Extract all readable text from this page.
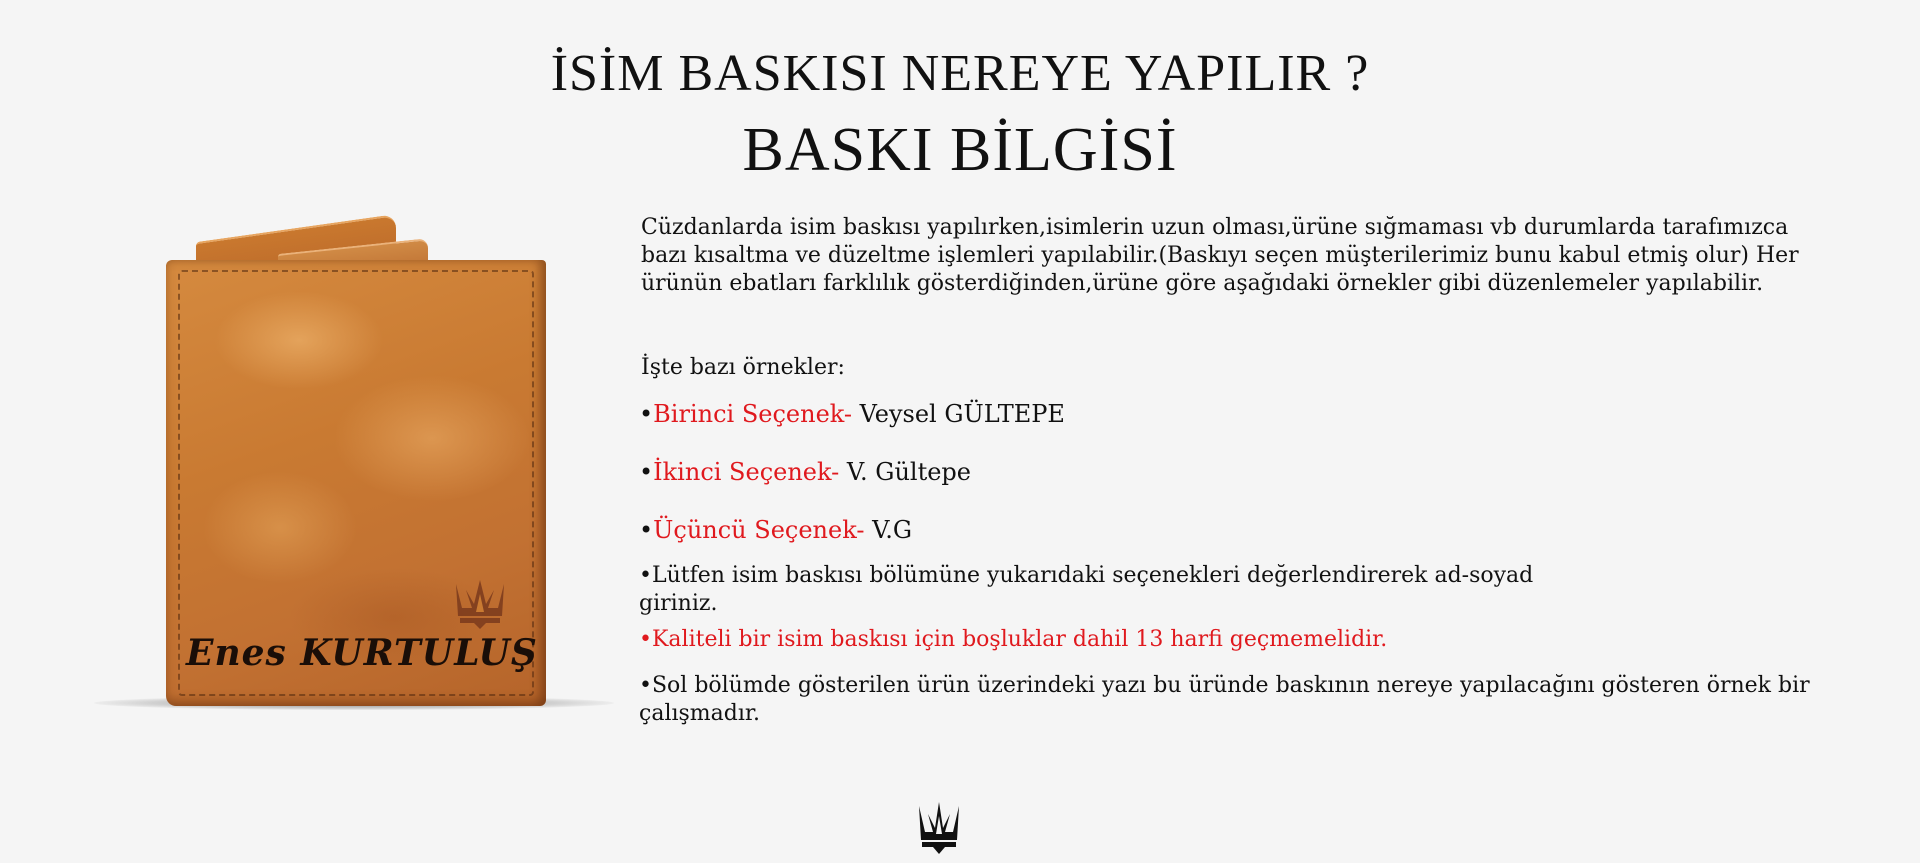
İSİM BASKISI NEREYE YAPILIR ?
BASKI BİLGİSİ
Enes KURTULUŞ

Cüzdanlarda isim baskısı yapılırken,isimlerin uzun olması,ürüne sığmaması vb durumlarda tarafımızca bazı kısaltma ve düzeltme işlemleri yapılabilir.(Baskıyı seçen müşterilerimiz bunu kabul etmiş olur) Her ürünün ebatları farklılık gösterdiğinden,ürüne göre aşağıdaki örnekler gibi düzenlemeler yapılabilir.

İşte bazı örnekler:

•Birinci Seçenek- Veysel GÜLTEPE

•İkinci Seçenek- V. Gültepe

•Üçüncü Seçenek- V.G

•Lütfen isim baskısı bölümüne yukarıdaki seçenekleri değerlendirerek ad-soyad giriniz.

•Kaliteli bir isim baskısı için boşluklar dahil 13 harfi geçmemelidir.

•Sol bölümde gösterilen ürün üzerindeki yazı bu üründe baskının nereye yapılacağını gösteren örnek bir çalışmadır.
